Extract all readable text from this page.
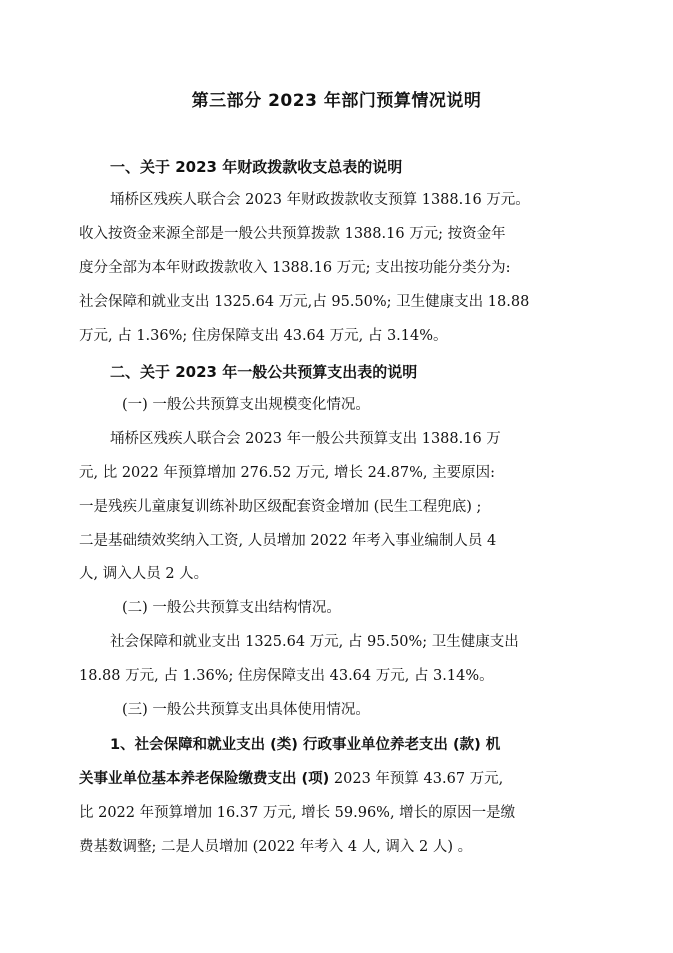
第三部分 2023 年部门预算情况说明
一、关于 2023 年财政拨款收支总表的说明
埇桥区残疾人联合会 2023 年财政拨款收支预算 1388.16 万元。
收入按资金来源全部是一般公共预算拨款 1388.16 万元; 按资金年
度分全部为本年财政拨款收入 1388.16 万元; 支出按功能分类分为:
社会保障和就业支出 1325.64 万元,占 95.50%; 卫生健康支出 18.88
万元, 占 1.36%; 住房保障支出 43.64 万元, 占 3.14%。
二、关于 2023 年一般公共预算支出表的说明
(一) 一般公共预算支出规模变化情况。
埇桥区残疾人联合会 2023 年一般公共预算支出 1388.16 万
元, 比 2022 年预算增加 276.52 万元, 增长 24.87%, 主要原因:
一是残疾儿童康复训练补助区级配套资金增加 (民生工程兜底) ;
二是基础绩效奖纳入工资, 人员增加 2022 年考入事业编制人员 4
人, 调入人员 2 人。
(二) 一般公共预算支出结构情况。
社会保障和就业支出 1325.64 万元, 占 95.50%; 卫生健康支出
18.88 万元, 占 1.36%; 住房保障支出 43.64 万元, 占 3.14%。
(三) 一般公共预算支出具体使用情况。
1、社会保障和就业支出 (类) 行政事业单位养老支出 (款) 机
关事业单位基本养老保险缴费支出 (项) 2023 年预算 43.67 万元,
比 2022 年预算增加 16.37 万元, 增长 59.96%, 增长的原因一是缴
费基数调整; 二是人员增加 (2022 年考入 4 人, 调入 2 人) 。
